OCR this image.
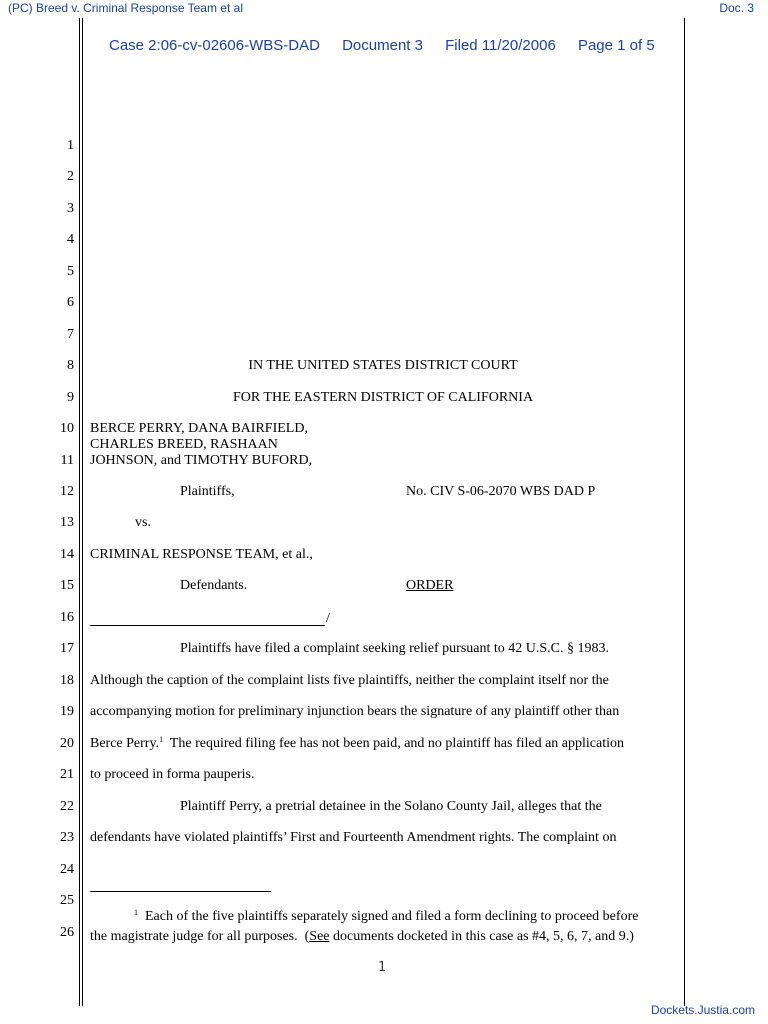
(PC) Breed v. Criminal Response Team et al	Doc. 3
Case 2:06-cv-02606-WBS-DAD Document 3 Filed 11/20/2006 Page 1 of 5
1
2
3
4
5
6
7
8
9
10
11
12
13
14
15
16
17
18
19
20
21
22
23
24
25
26
IN THE UNITED STATES DISTRICT COURT
FOR THE EASTERN DISTRICT OF CALIFORNIA
BERCE PERRY, DANA BAIRFIELD,
CHARLES BREED, RASHAAN
JOHNSON, and TIMOTHY BUFORD,
Plaintiffs,	No. CIV S-06-2070 WBS DAD P
vs.
CRIMINAL RESPONSE TEAM, et al.,
Defendants.	ORDER
/
Plaintiffs have filed a complaint seeking relief pursuant to 42 U.S.C. § 1983.
Although the caption of the complaint lists five plaintiffs, neither the complaint itself nor the
accompanying motion for preliminary injunction bears the signature of any plaintiff other than
Berce Perry.$^1$  The required filing fee has not been paid, and no plaintiff has filed an application
to proceed in forma pauperis.
Plaintiff Perry, a pretrial detainee in the Solano County Jail, alleges that the
defendants have violated plaintiffs’ First and Fourteenth Amendment rights. The complaint on
$^1$ Each of the five plaintiffs separately signed and filed a form declining to proceed before
the magistrate judge for all purposes.  (See documents docketed in this case as #4, 5, 6, 7, and 9.)
1
Dockets.Justia.com
